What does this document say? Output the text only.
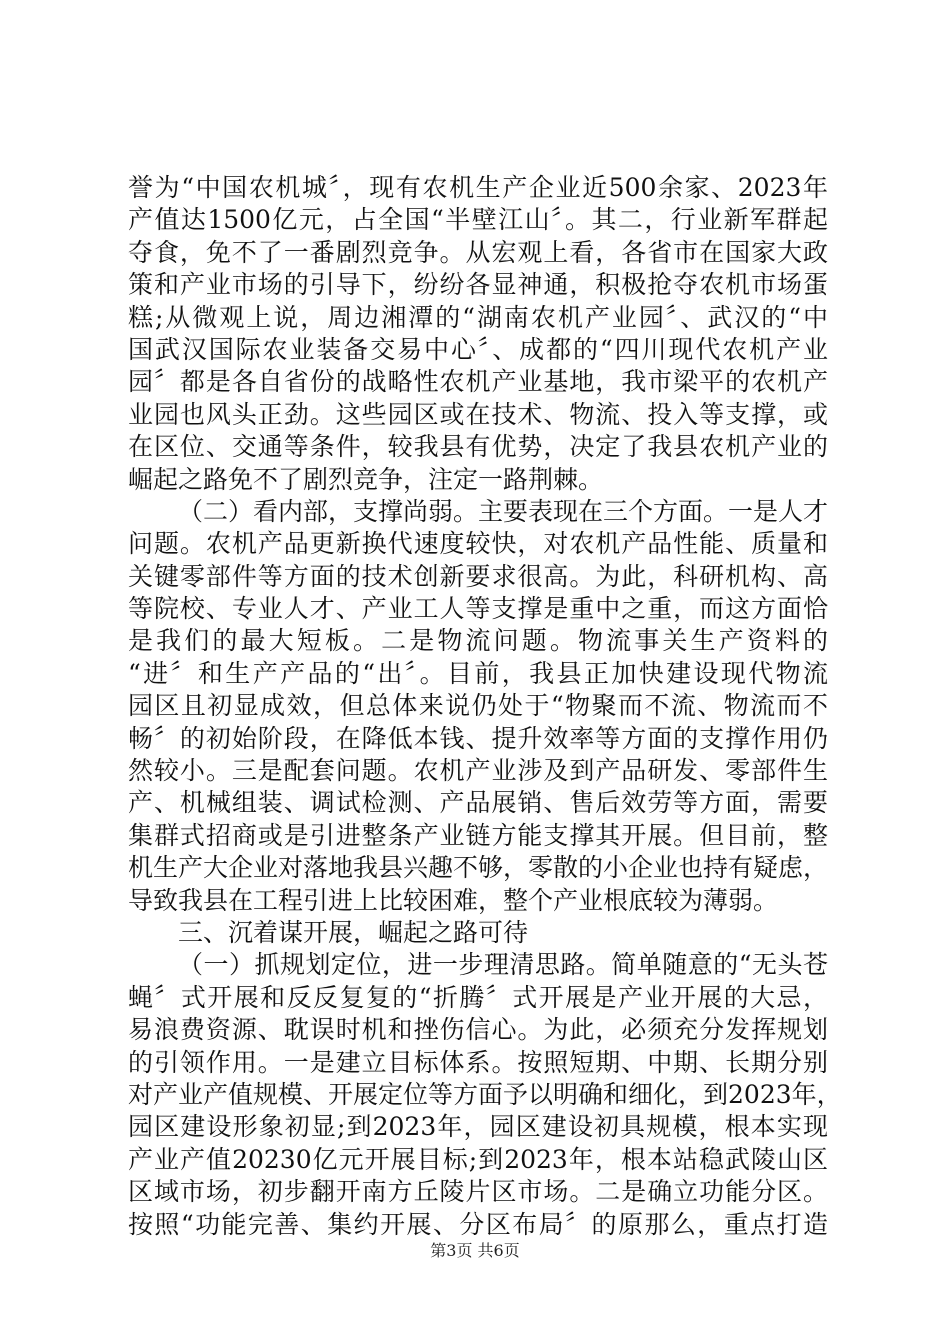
誉为“中国农机城〞，现有农机生产企业近500余家、2023年
产值达1500亿元，占全国“半壁江山〞。其二，行业新军群起
夺食，免不了一番剧烈竞争。从宏观上看，各省市在国家大政
策和产业市场的引导下，纷纷各显神通，积极抢夺农机市场蛋
糕;从微观上说，周边湘潭的“湖南农机产业园〞、武汉的“中
国武汉国际农业装备交易中心〞、成都的“四川现代农机产业
园〞都是各自省份的战略性农机产业基地，我市梁平的农机产
业园也风头正劲。这些园区或在技术、物流、投入等支撑，或
在区位、交通等条件，较我县有优势，决定了我县农机产业的
崛起之路免不了剧烈竞争，注定一路荆棘。
（二）看内部，支撑尚弱。主要表现在三个方面。一是人才
问题。农机产品更新换代速度较快，对农机产品性能、质量和
关键零部件等方面的技术创新要求很高。为此，科研机构、高
等院校、专业人才、产业工人等支撑是重中之重，而这方面恰
是我们的最大短板。二是物流问题。物流事关生产资料的
“进〞和生产产品的“出〞。目前，我县正加快建设现代物流
园区且初显成效，但总体来说仍处于“物聚而不流、物流而不
畅〞的初始阶段，在降低本钱、提升效率等方面的支撑作用仍
然较小。三是配套问题。农机产业涉及到产品研发、零部件生
产、机械组装、调试检测、产品展销、售后效劳等方面，需要
集群式招商或是引进整条产业链方能支撑其开展。但目前，整
机生产大企业对落地我县兴趣不够，零散的小企业也持有疑虑，
导致我县在工程引进上比较困难，整个产业根底较为薄弱。
三、沉着谋开展，崛起之路可待
（一）抓规划定位，进一步理清思路。简单随意的“无头苍
蝇〞式开展和反反复复的“折腾〞式开展是产业开展的大忌，
易浪费资源、耽误时机和挫伤信心。为此，必须充分发挥规划
的引领作用。一是建立目标体系。按照短期、中期、长期分别
对产业产值规模、开展定位等方面予以明确和细化，到2023年，
园区建设形象初显;到2023年，园区建设初具规模，根本实现
产业产值20230亿元开展目标;到2023年，根本站稳武陵山区
区域市场，初步翻开南方丘陵片区市场。二是确立功能分区。
按照“功能完善、集约开展、分区布局〞的原那么，重点打造
第3页 共6页
